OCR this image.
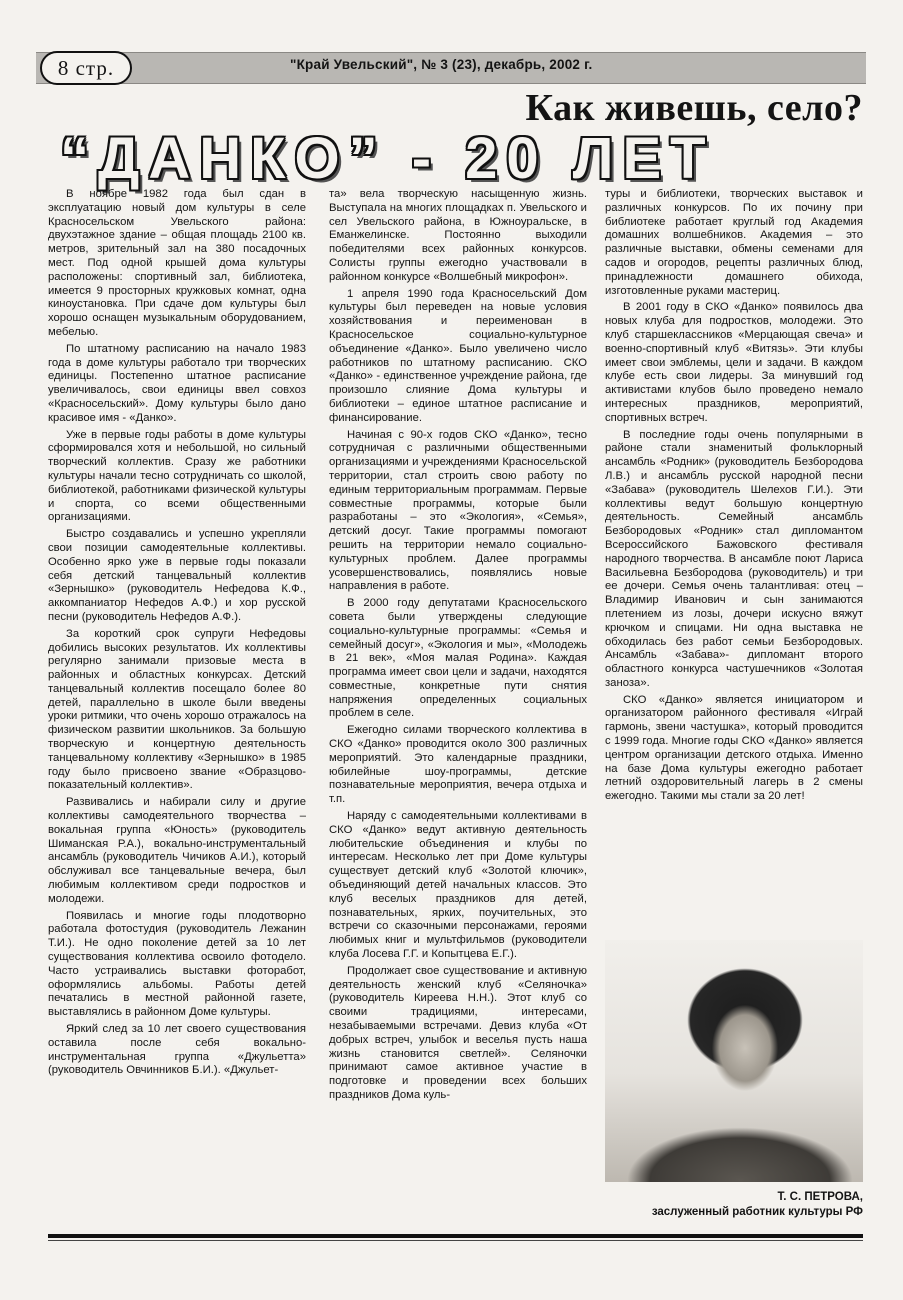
8 стр.	"Край Увельский", № 3 (23), декабрь, 2002 г.
Как живешь, село?
“ДАНКО” - 20 ЛЕТ

В ноябре 1982 года был сдан в эксплуатацию новый дом культуры в селе Красносельском Увельского района: двухэтажное здание – общая площадь 2100 кв. метров, зрительный зал на 380 посадочных мест. Под одной крышей дома культуры расположены: спортивный зал, библиотека, имеется 9 просторных кружковых комнат, одна киноустановка. При сдаче дом культуры был хорошо оснащен музыкальным оборудованием, мебелью.

По штатному расписанию на начало 1983 года в доме культуры работало три творческих единицы. Постепенно штатное расписание увеличивалось, свои единицы ввел совхоз «Красносельский». Дому культуры было дано красивое имя - «Данко».

Уже в первые годы работы в доме культуры сформировался хотя и небольшой, но сильный творческий коллектив. Сразу же работники культуры начали тесно сотрудничать со школой, библиотекой, работниками физической культуры и спорта, со всеми общественными организациями.

Быстро создавались и успешно укрепляли свои позиции самодеятельные коллективы. Особенно ярко уже в первые годы показали себя детский танцевальный коллектив «Зернышко» (руководитель Нефедова К.Ф., аккомпаниатор Нефедов А.Ф.) и хор русской песни (руководитель Нефедов А.Ф.).

За короткий срок супруги Нефедовы добились высоких результатов. Их коллективы регулярно занимали призовые места в районных и областных конкурсах. Детский танцевальный коллектив посещало более 80 детей, параллельно в школе были введены уроки ритмики, что очень хорошо отражалось на физическом развитии школьников. За большую творческую и концертную деятельность танцевальному коллективу «Зернышко» в 1985 году было присвоено звание «Образцово-показательный коллектив».

Развивались и набирали силу и другие коллективы самодеятельного творчества – вокальная группа «Юность» (руководитель Шиманская Р.А.), вокально-инструментальный ансамбль (руководитель Чичиков А.И.), который обслуживал все танцевальные вечера, был любимым коллективом среди подростков и молодежи.

Появилась и многие годы плодотворно работала фотостудия (руководитель Лежанин Т.И.). Не одно поколение детей за 10 лет существования коллектива освоило фотодело. Часто устраивались выставки фоторабот, оформлялись альбомы. Работы детей печатались в местной районной газете, выставлялись в районном Доме культуры.

Яркий след за 10 лет своего существования оставила после себя вокально-инструментальная группа «Джульетта» (руководитель Овчинников Б.И.). «Джульет-

та» вела творческую насыщенную жизнь. Выступала на многих площадках п. Увельского и сел Увельского района, в Южноуральске, в Еманжелинске. Постоянно выходили победителями всех районных конкурсов. Солисты группы ежегодно участвовали в районном конкурсе «Волшебный микрофон».

1 апреля 1990 года Красносельский Дом культуры был переведен на новые условия хозяйствования и переименован в Красносельское социально-культурное объединение «Данко». Было увеличено число работников по штатному расписанию. СКО «Данко» - единственное учреждение района, где произошло слияние Дома культуры и библиотеки – единое штатное расписание и финансирование.

Начиная с 90-х годов СКО «Данко», тесно сотрудничая с различными общественными организациями и учреждениями Красносельской территории, стал строить свою работу по единым территориальным программам. Первые совместные программы, которые были разработаны – это «Экология», «Семья», детский досуг. Такие программы помогают решить на территории немало социально-культурных проблем. Далее программы усовершенствовались, появлялись новые направления в работе.

В 2000 году депутатами Красносельского совета были утверждены следующие социально-культурные программы: «Семья и семейный досуг», «Экология и мы», «Молодежь в 21 век», «Моя малая Родина». Каждая программа имеет свои цели и задачи, находятся совместные, конкретные пути снятия напряжения определенных социальных проблем в селе.

Ежегодно силами творческого коллектива в СКО «Данко» проводится около 300 различных мероприятий. Это календарные праздники, юбилейные шоу-программы, детские познавательные мероприятия, вечера отдыха и т.п.

Наряду с самодеятельными коллективами в СКО «Данко» ведут активную деятельность любительские объединения и клубы по интересам. Несколько лет при Доме культуры существует детский клуб «Золотой ключик», объединяющий детей начальных классов. Это клуб веселых праздников для детей, познавательных, ярких, поучительных, это встречи со сказочными персонажами, героями любимых книг и мультфильмов (руководители клуба Лосева Г.Г. и Копытцева Е.Г.).

Продолжает свое существование и активную деятельность женский клуб «Селяночка» (руководитель Киреева Н.Н.). Этот клуб со своими традициями, интересами, незабываемыми встречами. Девиз клуба «От добрых встреч, улыбок и веселья пусть наша жизнь становится светлей». Селяночки принимают самое активное участие в подготовке и проведении всех больших праздников Дома куль-

туры и библиотеки, творческих выставок и различных конкурсов. По их почину при библиотеке работает круглый год Академия домашних волшебников. Академия – это различные выставки, обмены семенами для садов и огородов, рецепты различных блюд, принадлежности домашнего обихода, изготовленные руками мастериц.

В 2001 году в СКО «Данко» появилось два новых клуба для подростков, молодежи. Это клуб старшеклассников «Мерцающая свеча» и военно-спортивный клуб «Витязь». Эти клубы имеет свои эмблемы, цели и задачи. В каждом клубе есть свои лидеры. За минувший год активистами клубов было проведено немало интересных праздников, мероприятий, спортивных встреч.

В последние годы очень популярными в районе стали знаменитый фольклорный ансамбль «Родник» (руководитель Безбородова Л.В.) и ансамбль русской народной песни «Забава» (руководитель Шелехов Г.И.). Эти коллективы ведут большую концертную деятельность. Семейный ансамбль Безбородовых «Родник» стал дипломантом Всероссийского Бажовского фестиваля народного творчества. В ансамбле поют Лариса Васильевна Безбородова (руководитель) и три ее дочери. Семья очень талантливая: отец – Владимир Иванович и сын занимаются плетением из лозы, дочери искусно вяжут крючком и спицами. Ни одна выставка не обходилась без работ семьи Безбородовых. Ансамбль «Забава»- дипломант второго областного конкурса частушечников «Золотая заноза».

СКО «Данко» является инициатором и организатором районного фестиваля «Играй гармонь, звени частушка», который проводится с 1999 года. Многие годы СКО «Данко» является центром организации детского отдыха. Именно на базе Дома культуры ежегодно работает летний оздоровительный лагерь в 2 смены ежегодно. Такими мы стали за 20 лет!

Т. С. ПЕТРОВА,
заслуженный работник культуры РФ
